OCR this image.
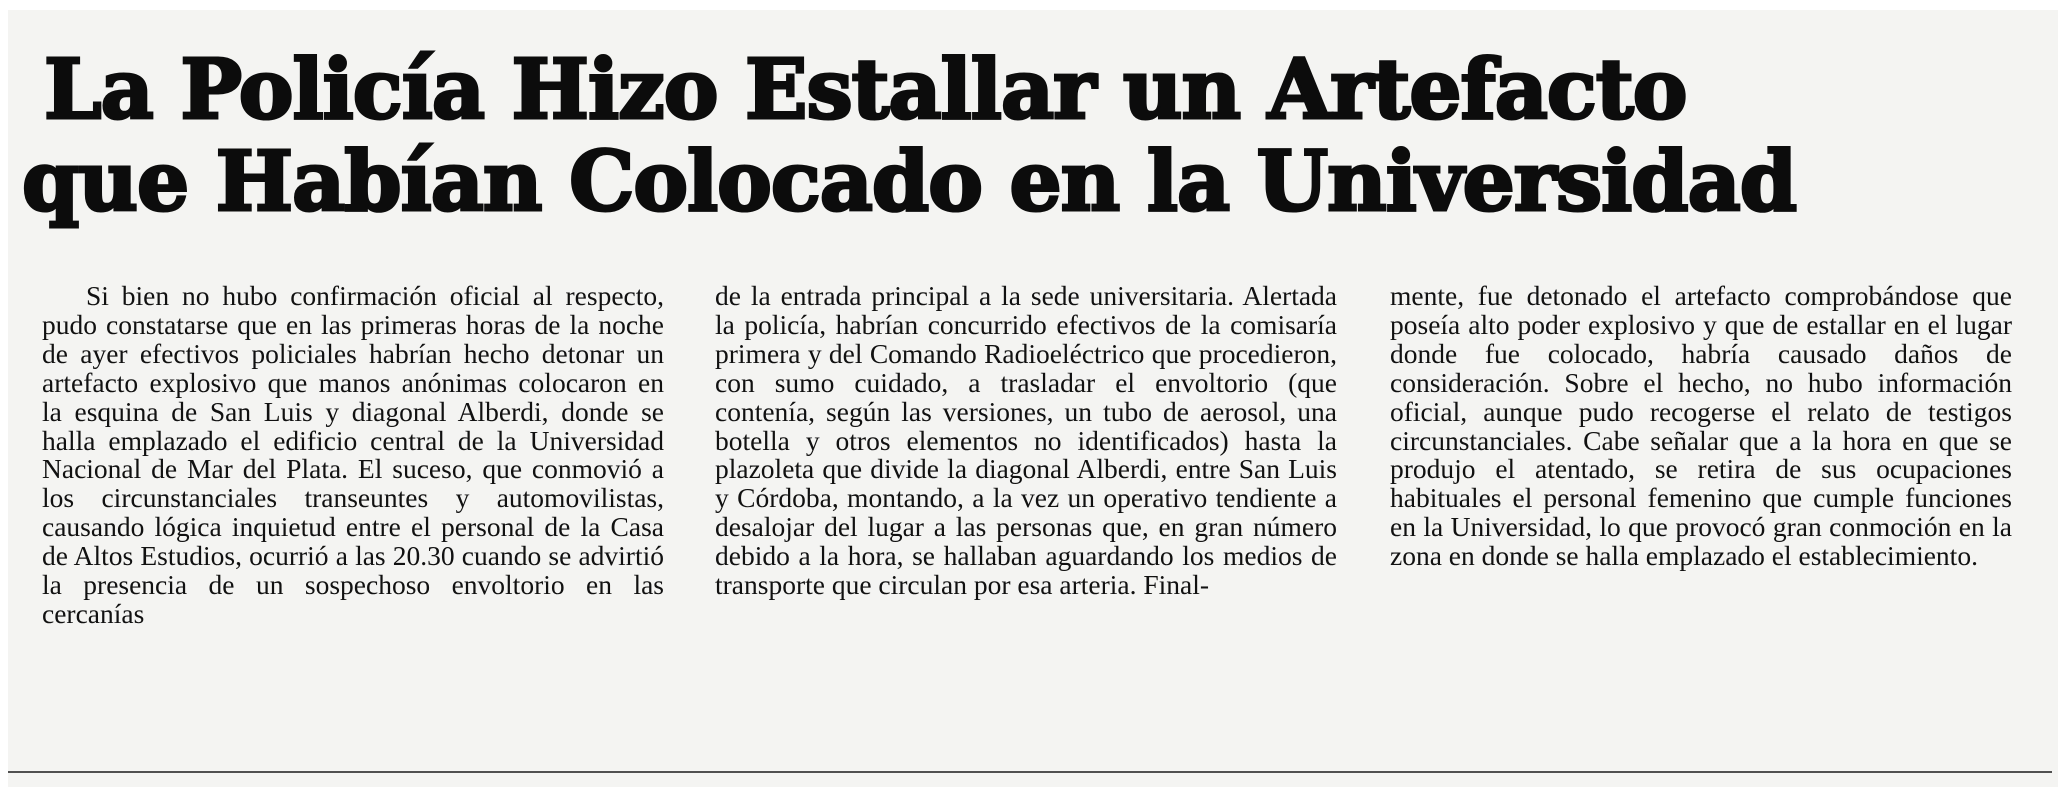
La Policía Hizo Estallar un Artefacto
que Habían Colocado en la Universidad

Si bien no hubo confirmación oficial al respecto, pudo constatarse que en las primeras horas de la noche de ayer efectivos policiales habrían hecho detonar un artefacto explosivo que manos anónimas colocaron en la esquina de San Luis y diagonal Alberdi, donde se halla emplazado el edificio central de la Universidad Nacional de Mar del Plata. El suceso, que conmovió a los circunstanciales transeuntes y automovilistas, causando lógica inquietud entre el personal de la Casa de Altos Estudios, ocurrió a las 20.30 cuando se advirtió la presencia de un sospechoso envoltorio en las cercanías

de la entrada principal a la sede universitaria. Alertada la policía, habrían concurrido efectivos de la comisaría primera y del Comando Radioeléctrico que procedieron, con sumo cuidado, a trasladar el envoltorio (que contenía, según las versiones, un tubo de aerosol, una botella y otros elementos no identificados) hasta la plazoleta que divide la diagonal Alberdi, entre San Luis y Córdoba, montando, a la vez un operativo tendiente a desalojar del lugar a las personas que, en gran número debido a la hora, se hallaban aguardando los medios de transporte que circulan por esa arteria. Final-

mente, fue detonado el artefacto comprobándose que poseía alto poder explosivo y que de estallar en el lugar donde fue colocado, habría causado daños de consideración. Sobre el hecho, no hubo información oficial, aunque pudo recogerse el relato de testigos circunstanciales. Cabe señalar que a la hora en que se produjo el atentado, se retira de sus ocupaciones habituales el personal femenino que cumple funciones en la Universidad, lo que provocó gran conmoción en la zona en donde se halla emplazado el establecimiento.
